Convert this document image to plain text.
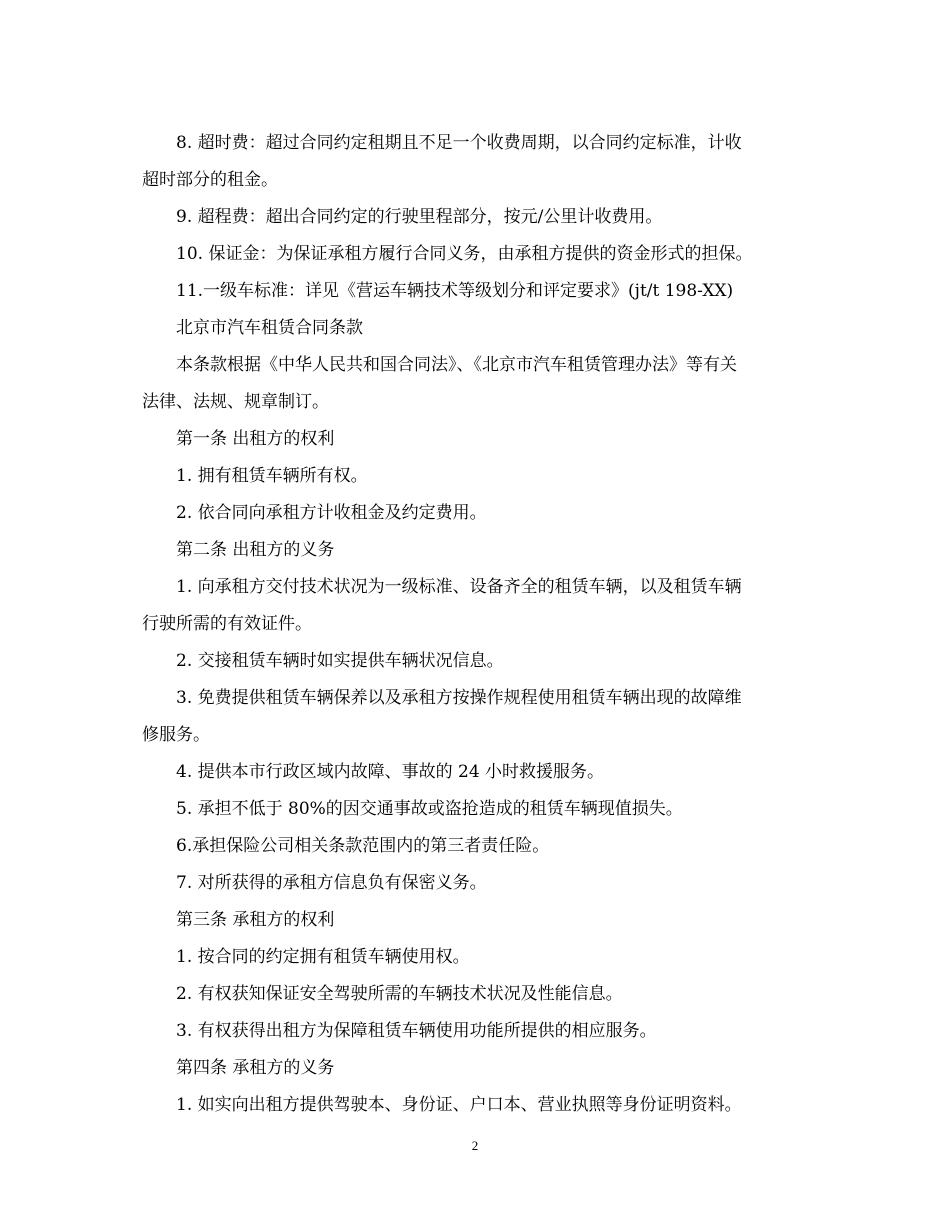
8. 超时费：超过合同约定租期且不足一个收费周期，以合同约定标准，计收
超时部分的租金。
9. 超程费：超出合同约定的行驶里程部分，按元/公里计收费用。
10. 保证金：为保证承租方履行合同义务，由承租方提供的资金形式的担保。
11.一级车标准：详见《营运车辆技术等级划分和评定要求》(jt/t 198-XX)
北京市汽车租赁合同条款
本条款根据《中华人民共和国合同法》、《北京市汽车租赁管理办法》等有关
法律、法规、规章制订。
第一条 出租方的权利
1. 拥有租赁车辆所有权。
2. 依合同向承租方计收租金及约定费用。
第二条 出租方的义务
1. 向承租方交付技术状况为一级标准、设备齐全的租赁车辆，以及租赁车辆
行驶所需的有效证件。
2. 交接租赁车辆时如实提供车辆状况信息。
3. 免费提供租赁车辆保养以及承租方按操作规程使用租赁车辆出现的故障维
修服务。
4. 提供本市行政区域内故障、事故的 24 小时救援服务。
5. 承担不低于 80%的因交通事故或盗抢造成的租赁车辆现值损失。
6.承担保险公司相关条款范围内的第三者责任险。
7. 对所获得的承租方信息负有保密义务。
第三条 承租方的权利
1. 按合同的约定拥有租赁车辆使用权。
2. 有权获知保证安全驾驶所需的车辆技术状况及性能信息。
3. 有权获得出租方为保障租赁车辆使用功能所提供的相应服务。
第四条 承租方的义务
1. 如实向出租方提供驾驶本、身份证、户口本、营业执照等身份证明资料。
2
